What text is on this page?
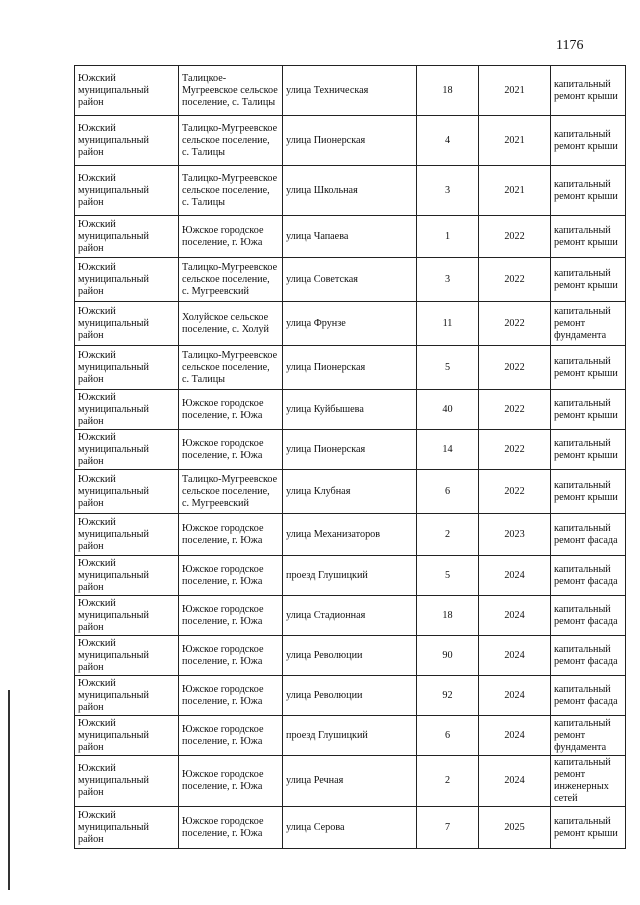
1176
Южский муниципальный район	Талицкое-Мугреевское сельское поселение, с. Талицы	улица Техническая	18	2021	капитальный ремонт крыши
Южский муниципальный район	Талицко-Мугреевское сельское поселение, с. Талицы	улица Пионерская	4	2021	капитальный ремонт крыши
Южский муниципальный район	Талицко-Мугреевское сельское поселение, с. Талицы	улица Школьная	3	2021	капитальный ремонт крыши
Южский муниципальный район	Южское городское поселение, г. Южа	улица Чапаева	1	2022	капитальный ремонт крыши
Южский муниципальный район	Талицко-Мугреевское сельское поселение, с. Мугреевский	улица Советская	3	2022	капитальный ремонт крыши
Южский муниципальный район	Холуйское сельское поселение, с. Холуй	улица Фрунзе	11	2022	капитальный ремонт фундамента
Южский муниципальный район	Талицко-Мугреевское сельское поселение, с. Талицы	улица Пионерская	5	2022	капитальный ремонт крыши
Южский муниципальный район	Южское городское поселение, г. Южа	улица Куйбышева	40	2022	капитальный ремонт крыши
Южский муниципальный район	Южское городское поселение, г. Южа	улица Пионерская	14	2022	капитальный ремонт крыши
Южский муниципальный район	Талицко-Мугреевское сельское поселение, с. Мугреевский	улица Клубная	6	2022	капитальный ремонт крыши
Южский муниципальный район	Южское городское поселение, г. Южа	улица Механизаторов	2	2023	капитальный ремонт фасада
Южский муниципальный район	Южское городское поселение, г. Южа	проезд Глушицкий	5	2024	капитальный ремонт фасада
Южский муниципальный район	Южское городское поселение, г. Южа	улица Стадионная	18	2024	капитальный ремонт фасада
Южский муниципальный район	Южское городское поселение, г. Южа	улица Революции	90	2024	капитальный ремонт фасада
Южский муниципальный район	Южское городское поселение, г. Южа	улица Революции	92	2024	капитальный ремонт фасада
Южский муниципальный район	Южское городское поселение, г. Южа	проезд Глушицкий	6	2024	капитальный ремонт фундамента
Южский муниципальный район	Южское городское поселение, г. Южа	улица Речная	2	2024	капитальный ремонт инженерных сетей
Южский муниципальный район	Южское городское поселение, г. Южа	улица Серова	7	2025	капитальный ремонт крыши
